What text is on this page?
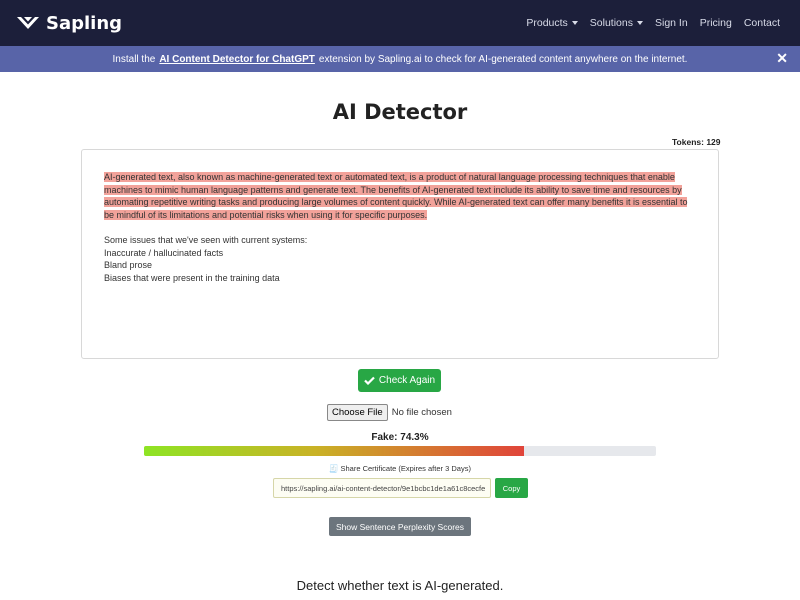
Sapling	Products Solutions	Sign In	Pricing	Contact
Install the AI Content Detector for ChatGPT extension by Sapling.ai to check for AI-generated content anywhere on the internet.	✕
AI Detector
Tokens: 129

AI-generated text, also known as machine-generated text or automated text, is a product of natural language processing techniques that enable machines to mimic human language patterns and generate text. The benefits of AI-generated text include its ability to save time and resources by automating repetitive writing tasks and producing large volumes of content quickly. While AI-generated text can offer many benefits it is essential to be mindful of its limitations and potential risks when using it for specific purposes.

Some issues that we've seen with current systems:
Inaccurate / hallucinated facts
Bland prose
Biases that were present in the training data
Check Again
Choose File No file chosen
Fake: 74.3%
🧾 Share Certificate (Expires after 3 Days)
https://sapling.ai/ai-content-detector/9e1bcbc1de1a61c8cecfe	Copy
Show Sentence Perplexity Scores
Detect whether text is AI-generated.
